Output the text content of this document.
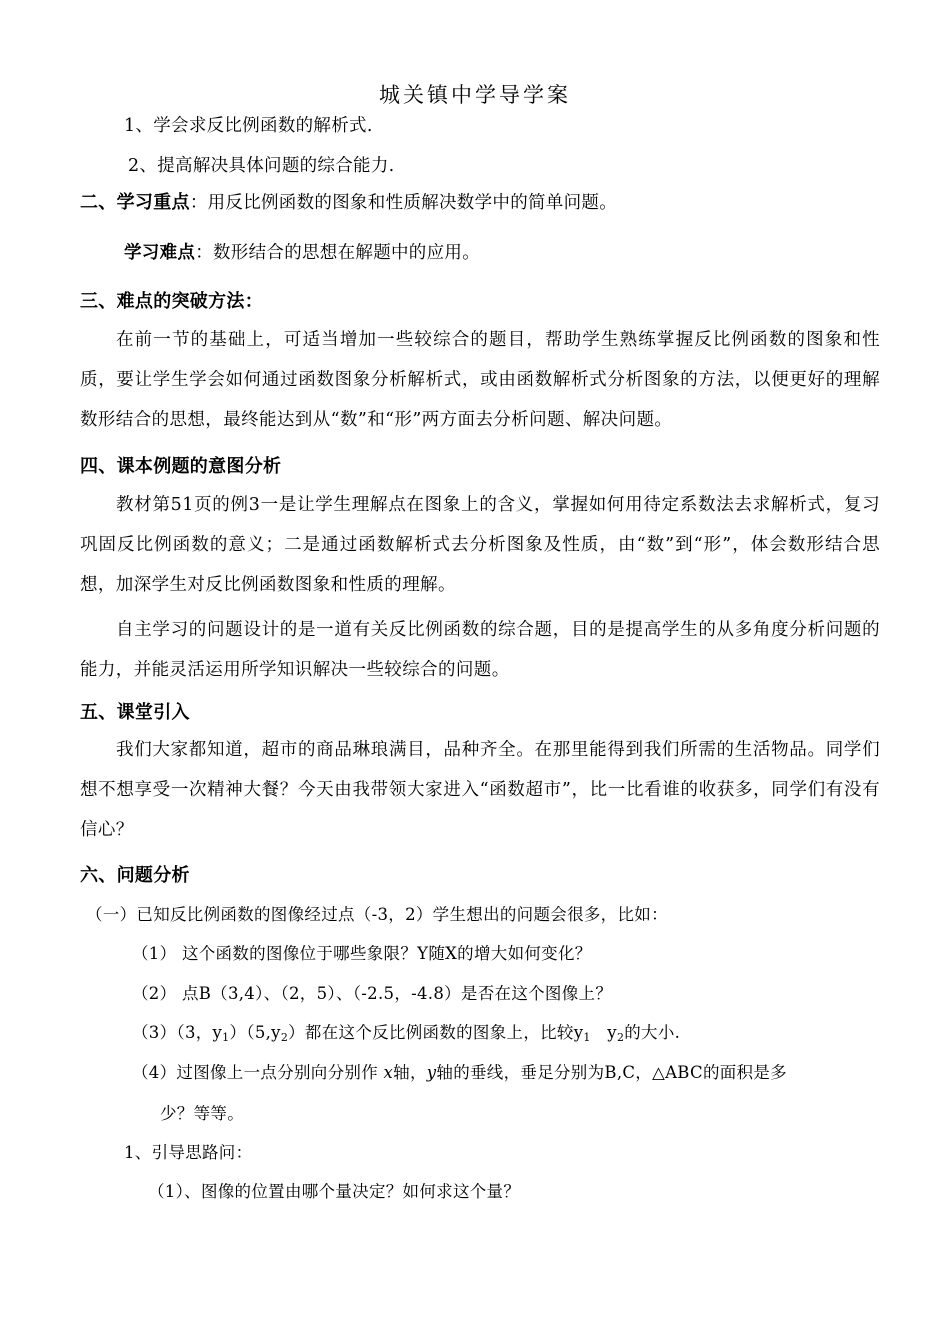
城关镇中学导学案
1、学会求反比例函数的解析式.
2、提高解决具体问题的综合能力.
二、学习重点：用反比例函数的图象和性质解决数学中的简单问题。
学习难点：数形结合的思想在解题中的应用。
三、难点的突破方法：
在前一节的基础上，可适当增加一些较综合的题目，帮助学生熟练掌握反比例函数的图象和性质，要让学生学会如何通过函数图象分析解析式，或由函数解析式分析图象的方法，以便更好的理解数形结合的思想，最终能达到从“数”和“形”两方面去分析问题、解决问题。
四、课本例题的意图分析
教材第51页的例3一是让学生理解点在图象上的含义，掌握如何用待定系数法去求解析式，复习巩固反比例函数的意义；二是通过函数解析式去分析图象及性质，由“数”到“形”，体会数形结合思想，加深学生对反比例函数图象和性质的理解。
自主学习的问题设计的是一道有关反比例函数的综合题，目的是提高学生的从多角度分析问题的能力，并能灵活运用所学知识解决一些较综合的问题。
五、课堂引入
我们大家都知道，超市的商品琳琅满目，品种齐全。在那里能得到我们所需的生活物品。同学们想不想享受一次精神大餐？今天由我带领大家进入“函数超市”，比一比看谁的收获多，同学们有没有信心？
六、问题分析
（一）已知反比例函数的图像经过点（-3，2）学生想出的问题会很多，比如：
（1） 这个函数的图像位于哪些象限？Y随X的增大如何变化？
（2） 点B（3,4）、（2，5）、（-2.5，-4.8）是否在这个图像上？
（3）（3，$y_1)(5,y_2)$都在这个反比例函数的图象上，比较$y_1$   $y_2$的大小.
（4）过图像上一点分别向分别作 x轴，y轴的垂线，垂足分别为B,C，△ABC的面积是多
少？等等。
1、引导思路问：
（1）、图像的位置由哪个量决定？如何求这个量？
